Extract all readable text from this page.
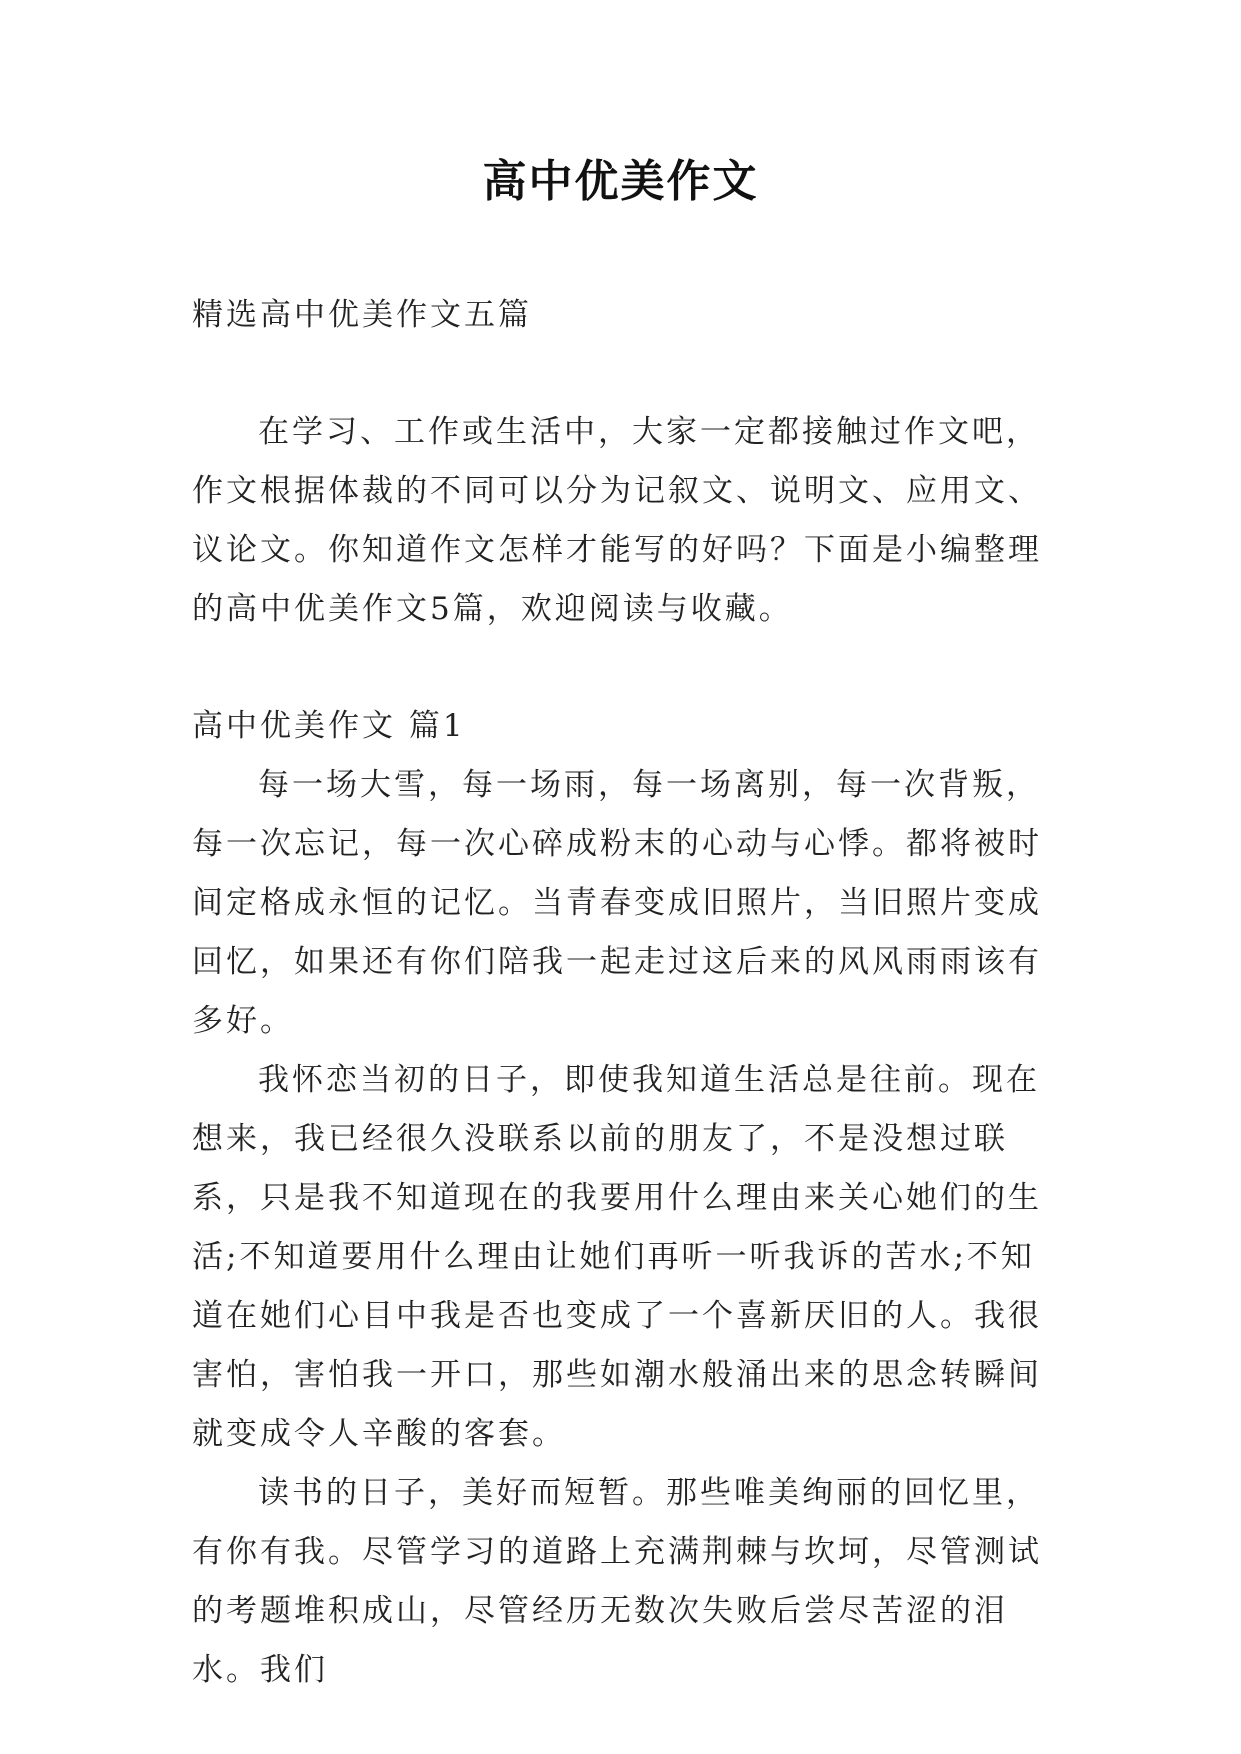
高中优美作文

精选高中优美作文五篇

在学习、工作或生活中，大家一定都接触过作文吧，作文根据体裁的不同可以分为记叙文、说明文、应用文、议论文。你知道作文怎样才能写的好吗？下面是小编整理的高中优美作文5篇，欢迎阅读与收藏。

高中优美作文 篇1

每一场大雪，每一场雨，每一场离别，每一次背叛，每一次忘记，每一次心碎成粉末的心动与心悸。都将被时间定格成永恒的记忆。当青春变成旧照片，当旧照片变成回忆，如果还有你们陪我一起走过这后来的风风雨雨该有多好。

我怀恋当初的日子，即使我知道生活总是往前。现在想来，我已经很久没联系以前的朋友了，不是没想过联系，只是我不知道现在的我要用什么理由来关心她们的生活;不知道要用什么理由让她们再听一听我诉的苦水;不知道在她们心目中我是否也变成了一个喜新厌旧的人。我很害怕，害怕我一开口，那些如潮水般涌出来的思念转瞬间就变成令人辛酸的客套。

读书的日子，美好而短暂。那些唯美绚丽的回忆里，有你有我。尽管学习的道路上充满荆棘与坎坷，尽管测试的考题堆积成山，尽管经历无数次失败后尝尽苦涩的泪水。我们
